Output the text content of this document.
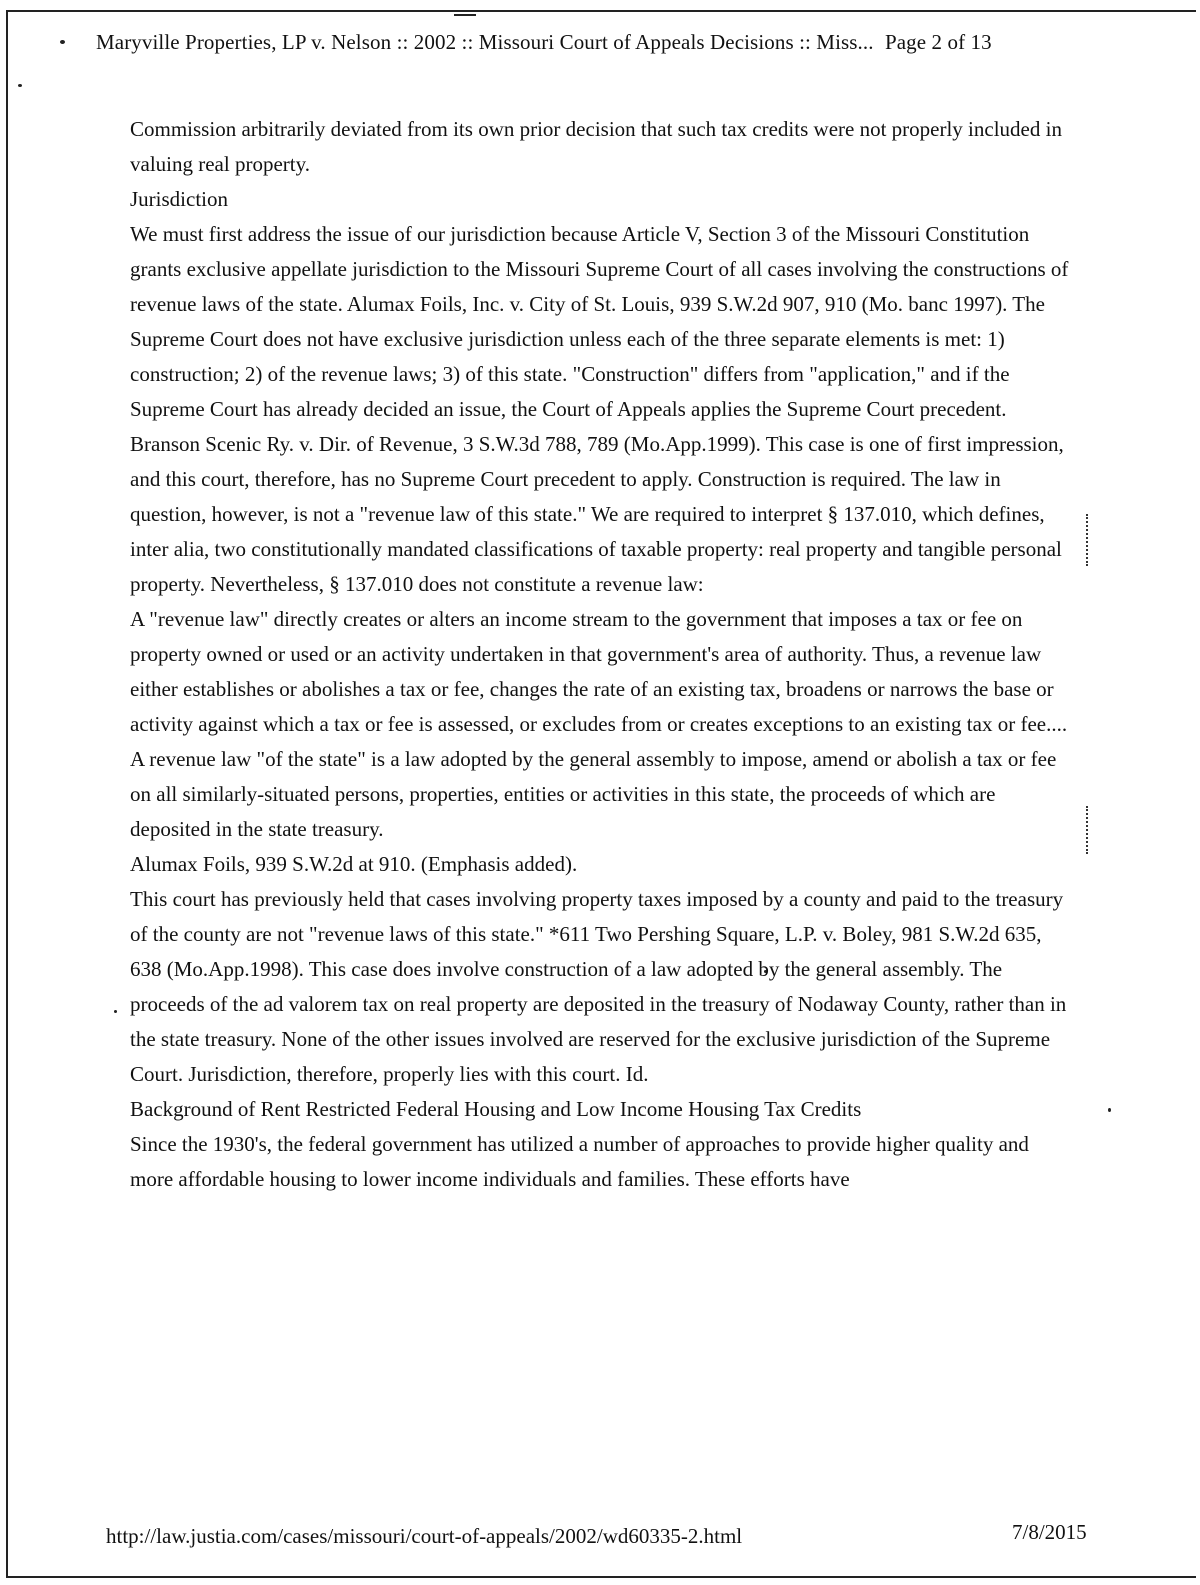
Maryville Properties, LP v. Nelson :: 2002 :: Missouri Court of Appeals Decisions :: Miss... Page 2 of 13

Commission arbitrarily deviated from its own prior decision that such tax credits were not properly included in valuing real property.

Jurisdiction

We must first address the issue of our jurisdiction because Article V, Section 3 of the Missouri Constitution grants exclusive appellate jurisdiction to the Missouri Supreme Court of all cases involving the constructions of revenue laws of the state. Alumax Foils, Inc. v. City of St. Louis, 939 S.W.2d 907, 910 (Mo. banc 1997). The Supreme Court does not have exclusive jurisdiction unless each of the three separate elements is met: 1) construction; 2) of the revenue laws; 3) of this state. "Construction" differs from "application," and if the Supreme Court has already decided an issue, the Court of Appeals applies the Supreme Court precedent. Branson Scenic Ry. v. Dir. of Revenue, 3 S.W.3d 788, 789 (Mo.App.1999). This case is one of first impression, and this court, therefore, has no Supreme Court precedent to apply. Construction is required. The law in question, however, is not a "revenue law of this state." We are required to interpret § 137.010, which defines, inter alia, two constitutionally mandated classifications of taxable property: real property and tangible personal property. Nevertheless, § 137.010 does not constitute a revenue law:

A "revenue law" directly creates or alters an income stream to the government that imposes a tax or fee on property owned or used or an activity undertaken in that government's area of authority. Thus, a revenue law either establishes or abolishes a tax or fee, changes the rate of an existing tax, broadens or narrows the base or activity against which a tax or fee is assessed, or excludes from or creates exceptions to an existing tax or fee.... A revenue law "of the state" is a law adopted by the general assembly to impose, amend or abolish a tax or fee on all similarly-situated persons, properties, entities or activities in this state, the proceeds of which are deposited in the state treasury.

Alumax Foils, 939 S.W.2d at 910. (Emphasis added).

This court has previously held that cases involving property taxes imposed by a county and paid to the treasury of the county are not "revenue laws of this state." *611 Two Pershing Square, L.P. v. Boley, 981 S.W.2d 635, 638 (Mo.App.1998). This case does involve construction of a law adopted by the general assembly. The proceeds of the ad valorem tax on real property are deposited in the treasury of Nodaway County, rather than in the state treasury. None of the other issues involved are reserved for the exclusive jurisdiction of the Supreme Court. Jurisdiction, therefore, properly lies with this court. Id.

Background of Rent Restricted Federal Housing and Low Income Housing Tax Credits

Since the 1930's, the federal government has utilized a number of approaches to provide higher quality and more affordable housing to lower income individuals and families. These efforts have

http://law.justia.com/cases/missouri/court-of-appeals/2002/wd60335-2.html	7/8/2015
